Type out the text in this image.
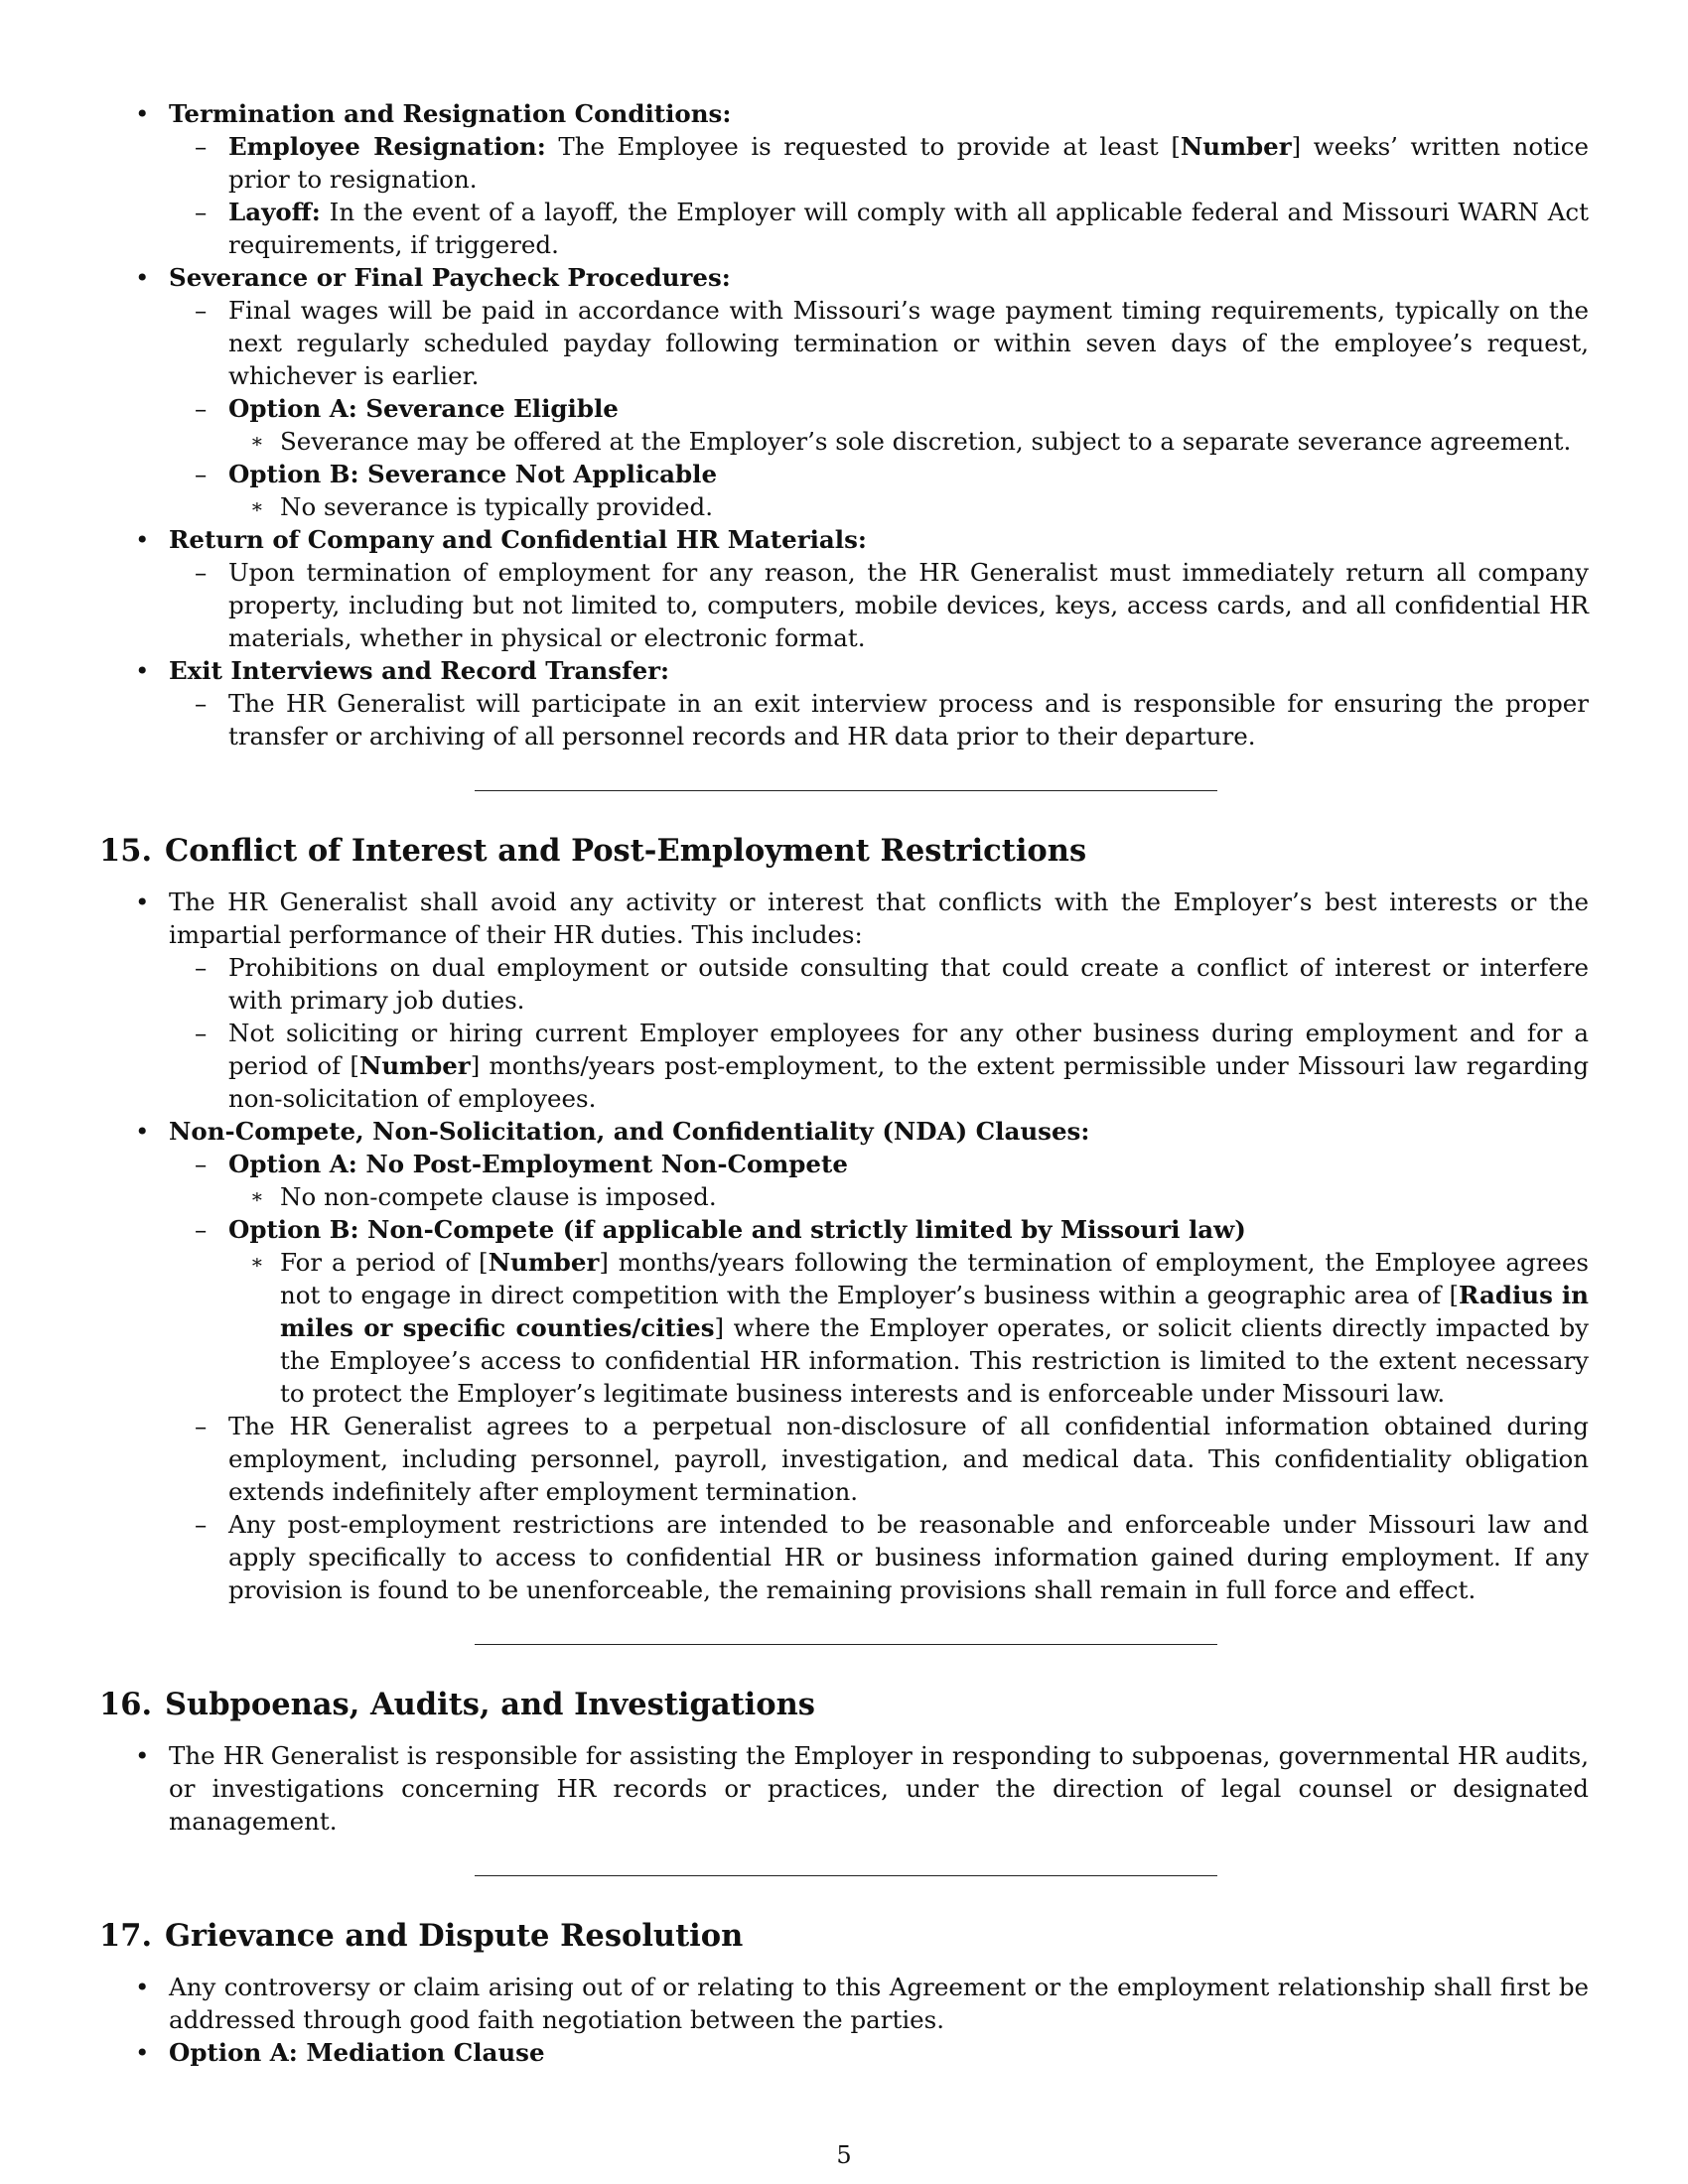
• Termination and Resignation Conditions:
– Employee Resignation: The Employee is requested to provide at least [Number] weeks’ written notice prior to resignation.
– Layoff: In the event of a layoff, the Employer will comply with all applicable federal and Missouri WARN Act requirements, if triggered.
• Severance or Final Paycheck Procedures:
– Final wages will be paid in accordance with Missouri’s wage payment timing requirements, typically on the next regularly scheduled payday following termination or within seven days of the employee’s request, whichever is earlier.
– Option A: Severance Eligible
∗ Severance may be offered at the Employer’s sole discretion, subject to a separate severance agreement.
– Option B: Severance Not Applicable
∗ No severance is typically provided.
• Return of Company and Confidential HR Materials:
– Upon termination of employment for any reason, the HR Generalist must immediately return all company property, including but not limited to, computers, mobile devices, keys, access cards, and all confidential HR materials, whether in physical or electronic format.
• Exit Interviews and Record Transfer:
– The HR Generalist will participate in an exit interview process and is responsible for ensuring the proper transfer or archiving of all personnel records and HR data prior to their departure.
15. Conflict of Interest and Post-Employment Restrictions
• The HR Generalist shall avoid any activity or interest that conflicts with the Employer’s best interests or the impartial performance of their HR duties. This includes:
– Prohibitions on dual employment or outside consulting that could create a conflict of interest or interfere with primary job duties.
– Not soliciting or hiring current Employer employees for any other business during employment and for a period of [Number] months/years post-employment, to the extent permissible under Missouri law regarding non-solicitation of employees.
• Non-Compete, Non-Solicitation, and Confidentiality (NDA) Clauses:
– Option A: No Post-Employment Non-Compete
∗ No non-compete clause is imposed.
– Option B: Non-Compete (if applicable and strictly limited by Missouri law)
∗ For a period of [Number] months/years following the termination of employment, the Employee agrees not to engage in direct competition with the Employer’s business within a geographic area of [Radius in miles or specific counties/cities] where the Employer operates, or solicit clients directly impacted by the Employee’s access to confidential HR information. This restriction is limited to the extent necessary to protect the Employer’s legitimate business interests and is enforceable under Missouri law.
– The HR Generalist agrees to a perpetual non-disclosure of all confidential information obtained during employment, including personnel, payroll, investigation, and medical data. This confidentiality obligation extends indefinitely after employment termination.
– Any post-employment restrictions are intended to be reasonable and enforceable under Missouri law and apply specifically to access to confidential HR or business information gained during employment. If any provision is found to be unenforceable, the remaining provisions shall remain in full force and effect.
16. Subpoenas, Audits, and Investigations
• The HR Generalist is responsible for assisting the Employer in responding to subpoenas, governmental HR audits, or investigations concerning HR records or practices, under the direction of legal counsel or designated management.
17. Grievance and Dispute Resolution
• Any controversy or claim arising out of or relating to this Agreement or the employment relationship shall first be addressed through good faith negotiation between the parties.
• Option A: Mediation Clause
5
